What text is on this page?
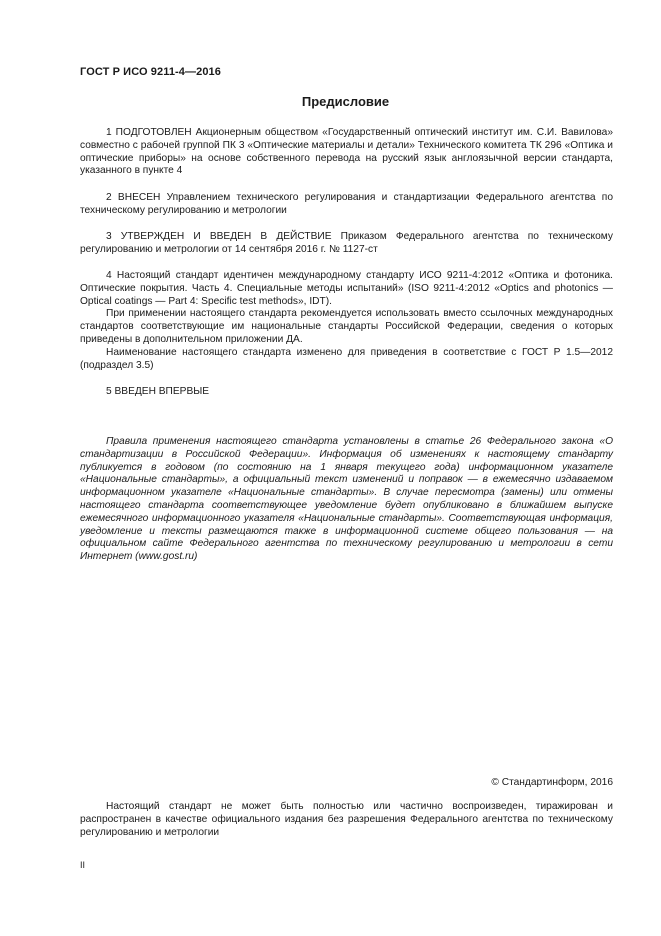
ГОСТ Р ИСО 9211-4—2016
Предисловие

1 ПОДГОТОВЛЕН Акционерным обществом «Государственный оптический институт им. С.И. Вавилова» совместно с рабочей группой ПК 3 «Оптические материалы и детали» Технического комитета ТК 296 «Оптика и оптические приборы» на основе собственного перевода на русский язык англоязычной версии стандарта, указанного в пункте 4

2 ВНЕСЕН Управлением технического регулирования и стандартизации Федерального агентства по техническому регулированию и метрологии

3 УТВЕРЖДЕН И ВВЕДЕН В ДЕЙСТВИЕ Приказом Федерального агентства по техническому регулированию и метрологии от 14 сентября 2016 г. № 1127-ст

4 Настоящий стандарт идентичен международному стандарту ИСО 9211-4:2012 «Оптика и фотоника. Оптические покрытия. Часть 4. Специальные методы испытаний» (ISO 9211-4:2012 «Optics and photonics — Optical coatings — Part 4: Specific test methods», IDT).

При применении настоящего стандарта рекомендуется использовать вместо ссылочных международных стандартов соответствующие им национальные стандарты Российской Федерации, сведения о которых приведены в дополнительном приложении ДА.

Наименование настоящего стандарта изменено для приведения в соответствие с ГОСТ Р 1.5—2012 (подраздел 3.5)

5 ВВЕДЕН ВПЕРВЫЕ

Правила применения настоящего стандарта установлены в статье 26 Федерального закона «О стандартизации в Российской Федерации». Информация об изменениях к настоящему стандарту публикуется в годовом (по состоянию на 1 января текущего года) информационном указателе «Национальные стандарты», а официальный текст изменений и поправок — в ежемесячно издаваемом информационном указателе «Национальные стандарты». В случае пересмотра (замены) или отмены настоящего стандарта соответствующее уведомление будет опубликовано в ближайшем выпуске ежемесячного информационного указателя «Национальные стандарты». Соответствующая информация, уведомление и тексты размещаются также в информационной системе общего пользования — на официальном сайте Федерального агентства по техническому регулированию и метрологии в сети Интернет (www.gost.ru)

© Стандартинформ, 2016

Настоящий стандарт не может быть полностью или частично воспроизведен, тиражирован и распространен в качестве официального издания без разрешения Федерального агентства по техническому регулированию и метрологии

II
